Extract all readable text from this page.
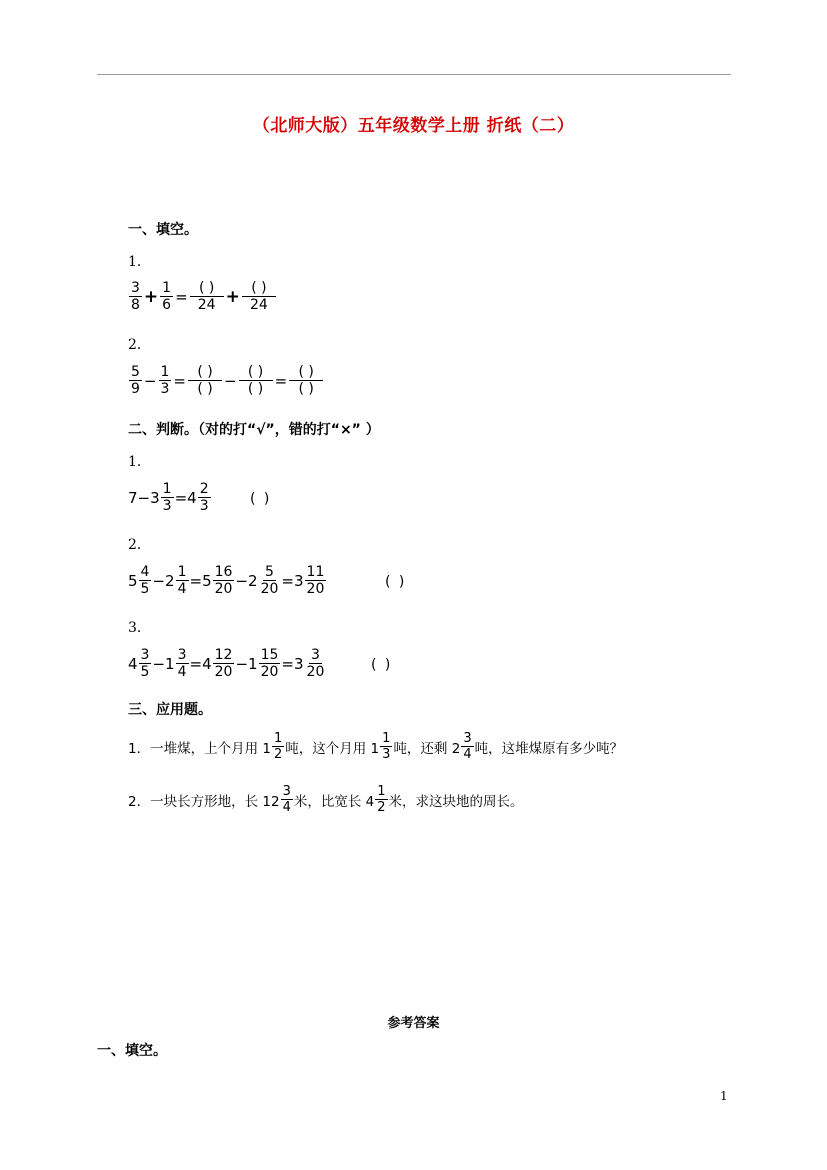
（北师大版）五年级数学上册 折纸（二）
一、填空。
1．
$\frac{3}{8} + \frac{1}{6} = \frac{( )}{24} + \frac{( )}{24}$
2．
$\frac{5}{9} - \frac{1}{3} = \frac{( )}{( )} - \frac{( )}{( )} = \frac{( )}{( )}$
二、判断。（对的打“√”，错的打“×” ）
1．
$7-3 \frac{1}{3} =4 \frac{2}{3}$	( )
2．
$5 \frac{4}{5} -2 \frac{1}{4} =5 \frac{16}{20} -2 \frac{5}{20} =3 \frac{11}{20}$	( )
3．
$4 \frac{3}{5} -1 \frac{3}{4} =4 \frac{12}{20} -1 \frac{15}{20} =3 \frac{3}{20}$	( )
三、应用题。
1．一堆煤，上个月用 $1 \frac{1}{2}$ 吨，这个月用 $1 \frac{1}{3}$ 吨，还剩 $2 \frac{3}{4}$ 吨，这堆煤原有多少吨？
2．一块长方形地，长 $12 \frac{3}{4}$ 米，比宽长 $4 \frac{1}{2}$ 米，求这块地的周长。
参考答案
一、填空。
1
